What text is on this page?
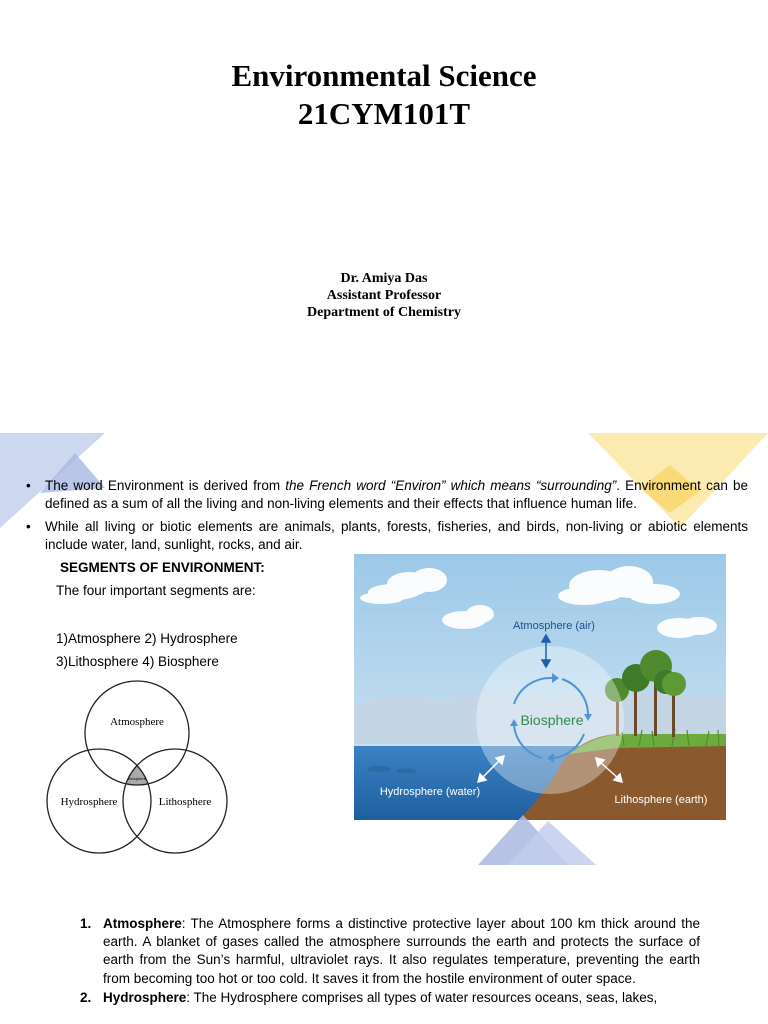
Environmental Science
21CYM101T
Dr. Amiya Das
Assistant Professor
Department of Chemistry
• The word Environment is derived from the French word “Environ” which means “surrounding”. Environment can be defined as a sum of all the living and non-living elements and their effects that influence human life.
• While all living or biotic elements are animals, plants, forests, fisheries, and birds, non-living or abiotic elements include water, land, sunlight, rocks, and air.
SEGMENTS OF ENVIRONMENT:
The four important segments are:
1)Atmosphere 2) Hydrosphere
3)Lithosphere 4) Biosphere
Atmosphere
Hydrosphere	Lithosphere
Biosphere
Atmosphere (air)
Biosphere
Hydrosphere (water)
Lithosphere (earth)
1. Atmosphere: The Atmosphere forms a distinctive protective layer about 100 km thick around the earth. A blanket of gases called the atmosphere surrounds the earth and protects the surface of earth from the Sun’s harmful, ultraviolet rays. It also regulates temperature, preventing the earth from becoming too hot or too cold. It saves it from the hostile environment of outer space.
2. Hydrosphere: The Hydrosphere comprises all types of water resources oceans, seas, lakes,
